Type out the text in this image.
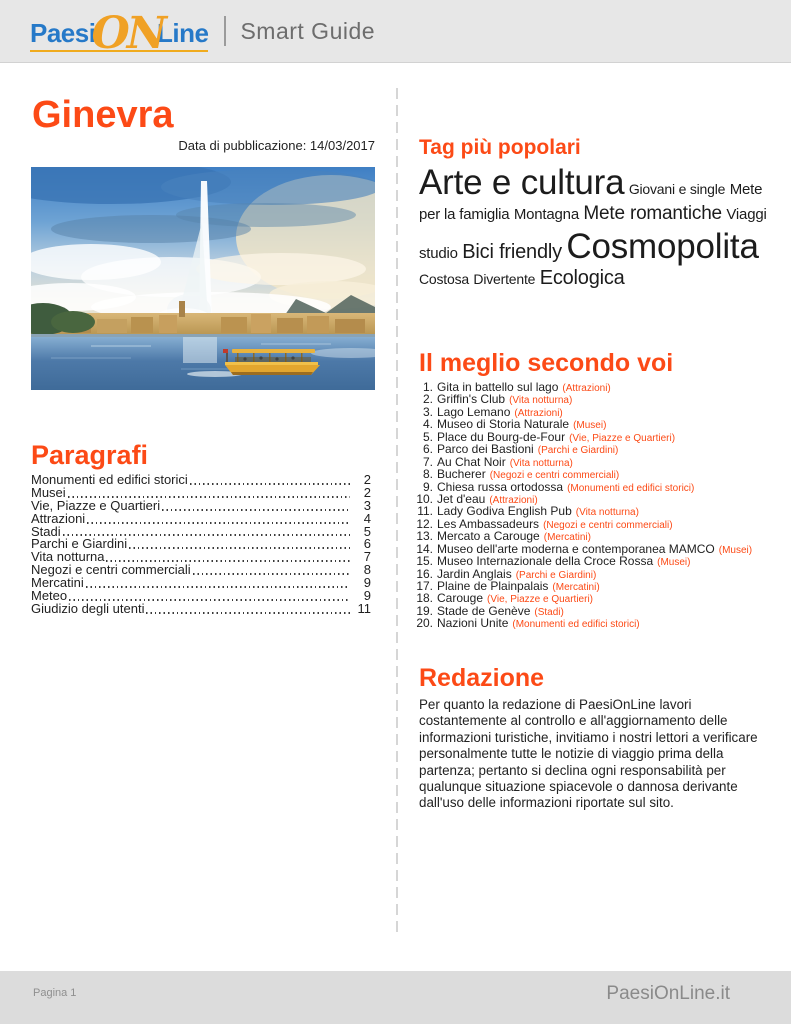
Paesi
ON
Line Smart Guide
Ginevra
Data di pubblicazione: 14/03/2017
Paragrafi
Monumenti ed edifici storici	2
Musei	2
Vie, Piazze e Quartieri	3
Attrazioni	4
Stadi	5
Parchi e Giardini	6
Vita notturna	7
Negozi e centri commerciali	8
Mercatini	9
Meteo	9
Giudizio degli utenti	11
Tag più popolari
Arte e cultura Giovani e single Mete per la famiglia Montagna Mete romantiche Viaggi studio Bici friendly Cosmopolita Costosa Divertente Ecologica
Il meglio secondo voi
1. Gita in battello sul lago (Attrazioni)
2. Griffin's Club (Vita notturna)
3. Lago Lemano (Attrazioni)
4. Museo di Storia Naturale (Musei)
5. Place du Bourg-de-Four (Vie, Piazze e Quartieri)
6. Parco dei Bastioni (Parchi e Giardini)
7. Au Chat Noir (Vita notturna)
8. Bucherer (Negozi e centri commerciali)
9. Chiesa russa ortodossa (Monumenti ed edifici storici)
10. Jet d'eau (Attrazioni)
11. Lady Godiva English Pub (Vita notturna)
12. Les Ambassadeurs (Negozi e centri commerciali)
13. Mercato a Carouge (Mercatini)
14. Museo dell'arte moderna e contemporanea MAMCO (Musei)
15. Museo Internazionale della Croce Rossa (Musei)
16. Jardin Anglais (Parchi e Giardini)
17. Plaine de Plainpalais (Mercatini)
18. Carouge (Vie, Piazze e Quartieri)
19. Stade de Genève (Stadi)
20. Nazioni Unite (Monumenti ed edifici storici)
Redazione

Per quanto la redazione di PaesiOnLine lavori costantemente al controllo e all'aggiornamento delle informazioni turistiche, invitiamo i nostri lettori a verificare personalmente tutte le notizie di viaggio prima della partenza; pertanto si declina ogni responsabilità per qualunque situazione spiacevole o dannosa derivante dall'uso delle informazioni riportate sul sito.

Pagina 1	PaesiOnLine.it
